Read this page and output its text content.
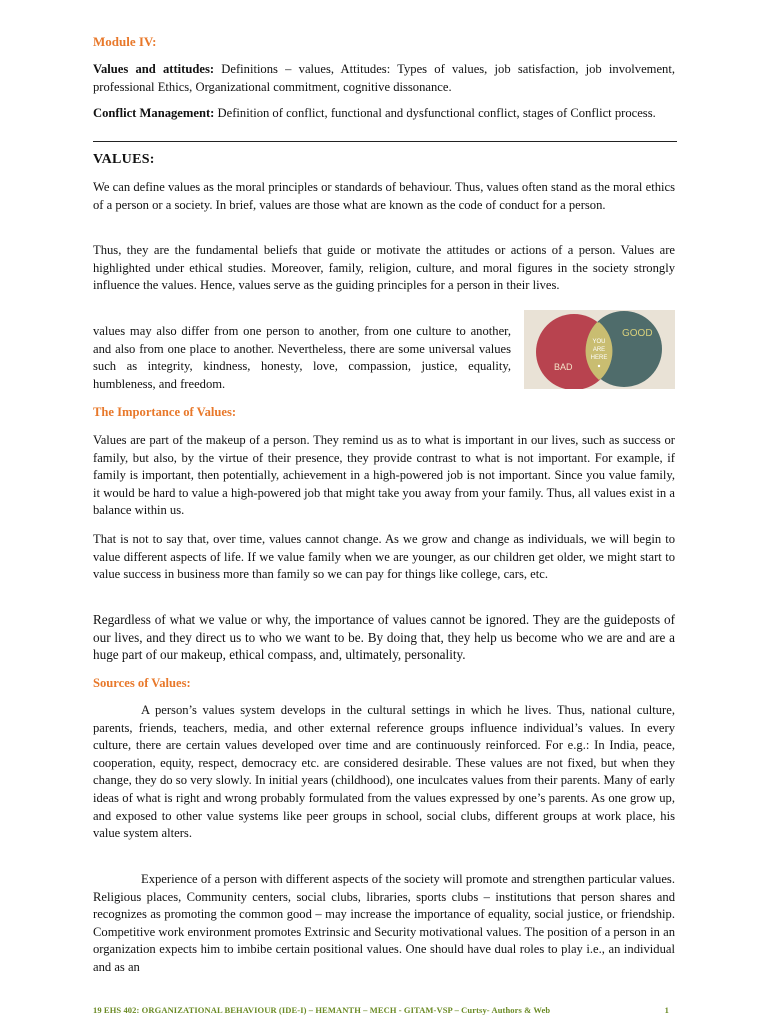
Module IV:

Values and attitudes: Definitions – values, Attitudes: Types of values, job satisfaction, job involvement, professional Ethics, Organizational commitment, cognitive dissonance.

Conflict Management: Definition of conflict, functional and dysfunctional conflict, stages of Conflict process.

VALUES:

We can define values as the moral principles or standards of behaviour. Thus, values often stand as the moral ethics of a person or a society. In brief, values are those what are known as the code of conduct for a person.

Thus, they are the fundamental beliefs that guide or motivate the attitudes or actions of a person. Values are highlighted under ethical studies. Moreover, family, religion, culture, and moral figures in the society strongly influence the values. Hence, values serve as the guiding principles for a person in their lives.

values may also differ from one person to another, from one culture to another, and also from one place to another. Nevertheless, there are some universal values such as integrity, kindness, honesty, love, compassion, justice, equality, humbleness, and freedom.

BAD
GOOD
YOU
ARE
HERE
The Importance of Values:

Values are part of the makeup of a person. They remind us as to what is important in our lives, such as success or family, but also, by the virtue of their presence, they provide contrast to what is not important. For example, if family is important, then potentially, achievement in a high-powered job is not important. Since you value family, it would be hard to value a high-powered job that might take you away from your family. Thus, all values exist in a balance within us.

That is not to say that, over time, values cannot change. As we grow and change as individuals, we will begin to value different aspects of life. If we value family when we are younger, as our children get older, we might start to value success in business more than family so we can pay for things like college, cars, etc.

Regardless of what we value or why, the importance of values cannot be ignored. They are the guideposts of our lives, and they direct us to who we want to be. By doing that, they help us become who we are and are a huge part of our makeup, ethical compass, and, ultimately, personality.

Sources of Values:

A person’s values system develops in the cultural settings in which he lives. Thus, national culture, parents, friends, teachers, media, and other external reference groups influence individual’s values. In every culture, there are certain values developed over time and are continuously reinforced. For e.g.: In India, peace, cooperation, equity, respect, democracy etc. are considered desirable. These values are not fixed, but when they change, they do so very slowly. In initial years (childhood), one inculcates values from their parents. Many of early ideas of what is right and wrong probably formulated from the values expressed by one’s parents. As one grow up, and exposed to other value systems like peer groups in school, social clubs, different groups at work place, his value system alters.

Experience of a person with different aspects of the society will promote and strengthen particular values. Religious places, Community centers, social clubs, libraries, sports clubs – institutions that person shares and recognizes as promoting the common good – may increase the importance of equality, social justice, or friendship. Competitive work environment promotes Extrinsic and Security motivational values. The position of a person in an organization expects him to imbibe certain positional values. One should have dual roles to play i.e., an individual and as an

19 EHS 402: ORGANIZATIONAL BEHAVIOUR (IDE-I) – HEMANTH – MECH - GITAM-VSP – Curtsy- Authors & Web	1
